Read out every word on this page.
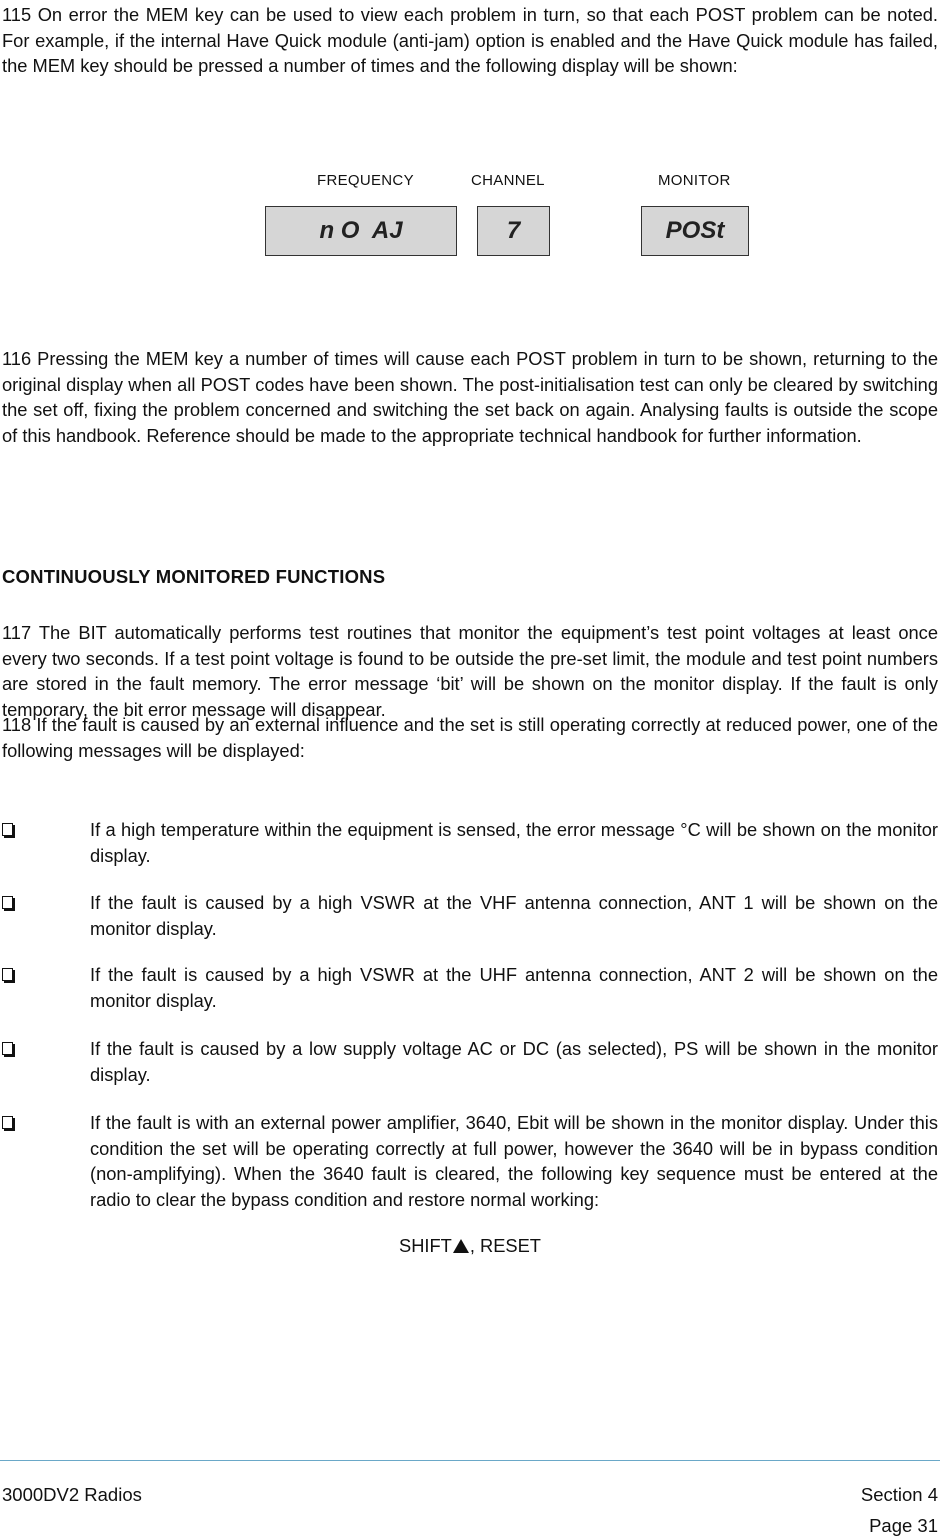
115 On error the MEM key can be used to view each problem in turn, so that each POST problem can be noted. For example, if the internal Have Quick module (anti-jam) option is enabled and the Have Quick module has failed, the MEM key should be pressed a number of times and the following display will be shown:

FREQUENCY	CHANNEL	MONITOR
n O  AJ	7	POSt

116 Pressing the MEM key a number of times will cause each POST problem in turn to be shown, returning to the original display when all POST codes have been shown. The post-initialisation test can only be cleared by switching the set off, fixing the problem concerned and switching the set back on again. Analysing faults is outside the scope of this handbook. Reference should be made to the appropriate technical handbook for further information.

CONTINUOUSLY MONITORED FUNCTIONS

117 The BIT automatically performs test routines that monitor the equipment’s test point voltages at least once every two seconds. If a test point voltage is found to be outside the pre-set limit, the module and test point numbers are stored in the fault memory. The error message ‘bit’ will be shown on the monitor display. If the fault is only temporary, the bit error message will disappear.

118 If the fault is caused by an external influence and the set is still operating correctly at reduced power, one of the following messages will be displayed:

If a high temperature within the equipment is sensed, the error message °C will be shown on the monitor display.
If the fault is caused by a high VSWR at the VHF antenna connection, ANT 1 will be shown on the monitor display.
If the fault is caused by a high VSWR at the UHF antenna connection, ANT 2 will be shown on the monitor display.
If the fault is caused by a low supply voltage AC or DC (as selected), PS will be shown in the monitor display.
If the fault is with an external power amplifier, 3640, Ebit will be shown in the monitor display. Under this condition the set will be operating correctly at full power, however the 3640 will be in bypass condition (non-amplifying). When the 3640 fault is cleared, the following key sequence must be entered at the radio to clear the bypass condition and restore normal working:
SHIFT , RESET
3000DV2 Radios	Section 4
Page 31
